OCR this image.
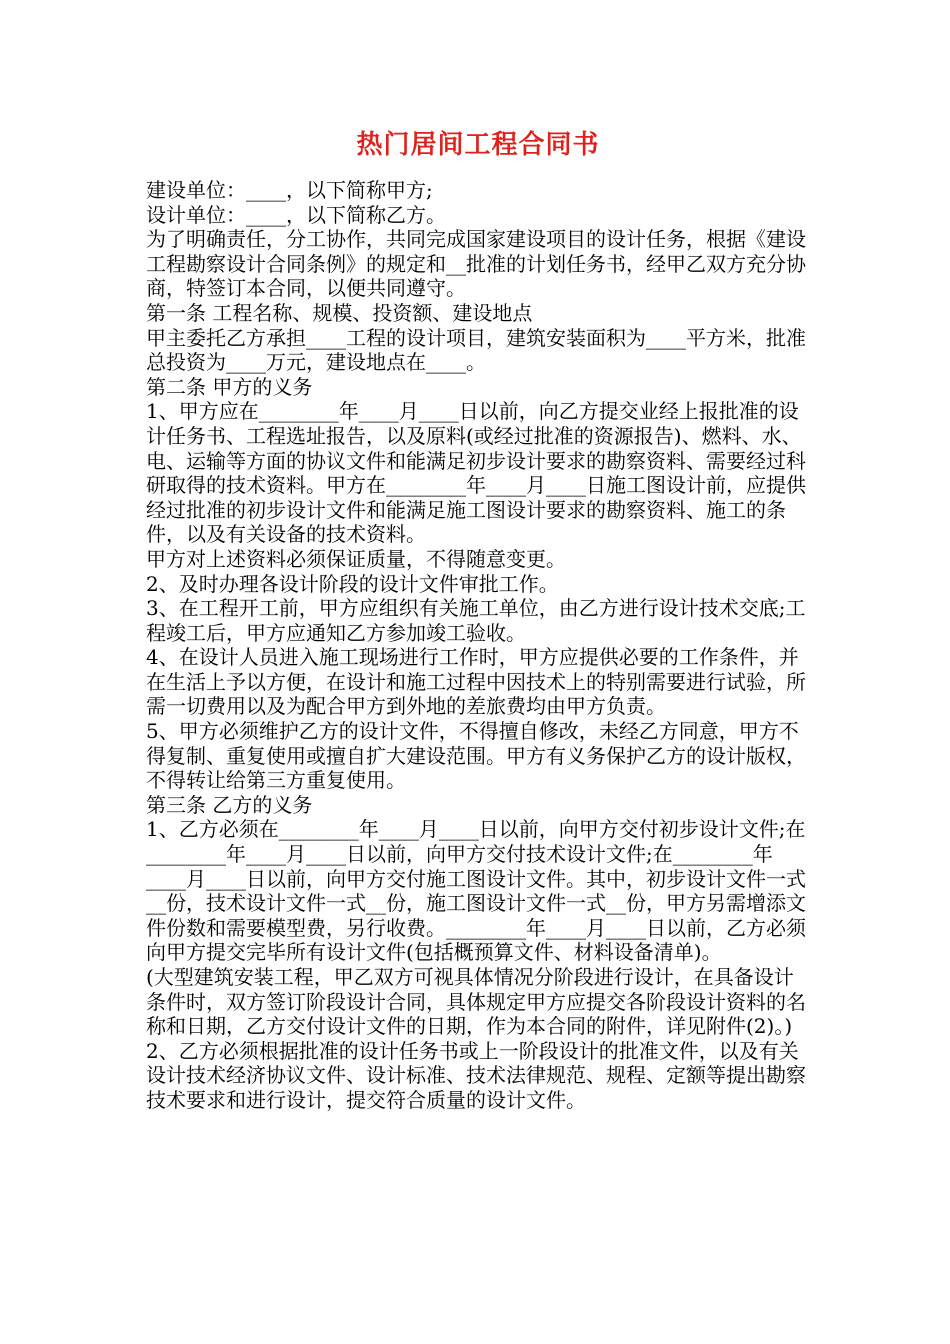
热门居间工程合同书

建设单位：____，以下简称甲方;

设计单位：____，以下简称乙方。

为了明确责任，分工协作，共同完成国家建设项目的设计任务，根据《建设工程勘察设计合同条例》的规定和__批准的计划任务书，经甲乙双方充分协商，特签订本合同，以便共同遵守。

第一条 工程名称、规模、投资额、建设地点

甲主委托乙方承担____工程的设计项目，建筑安装面积为____平方米，批准总投资为____万元，建设地点在____。

第二条 甲方的义务

1、甲方应在________年____月____日以前，向乙方提交业经上报批准的设计任务书、工程选址报告，以及原料(或经过批准的资源报告)、燃料、水、电、运输等方面的协议文件和能满足初步设计要求的勘察资料、需要经过科研取得的技术资料。甲方在________年____月____日施工图设计前，应提供经过批准的初步设计文件和能满足施工图设计要求的勘察资料、施工的条件，以及有关设备的技术资料。

甲方对上述资料必须保证质量，不得随意变更。

2、及时办理各设计阶段的设计文件审批工作。

3、在工程开工前，甲方应组织有关施工单位，由乙方进行设计技术交底;工程竣工后，甲方应通知乙方参加竣工验收。

4、在设计人员进入施工现场进行工作时，甲方应提供必要的工作条件，并在生活上予以方便，在设计和施工过程中因技术上的特别需要进行试验，所需一切费用以及为配合甲方到外地的差旅费均由甲方负责。

5、甲方必须维护乙方的设计文件，不得擅自修改，未经乙方同意，甲方不得复制、重复使用或擅自扩大建设范围。甲方有义务保护乙方的设计版权，不得转让给第三方重复使用。

第三条 乙方的义务

1、乙方必须在________年____月____日以前，向甲方交付初步设计文件;在________年____月____日以前，向甲方交付技术设计文件;在________年____月____日以前，向甲方交付施工图设计文件。其中，初步设计文件一式__份，技术设计文件一式__份，施工图设计文件一式__份，甲方另需增添文件份数和需要模型费，另行收费。________年____月____日以前，乙方必须向甲方提交完毕所有设计文件(包括概预算文件、材料设备清单)。

(大型建筑安装工程，甲乙双方可视具体情况分阶段进行设计，在具备设计条件时，双方签订阶段设计合同，具体规定甲方应提交各阶段设计资料的名称和日期，乙方交付设计文件的日期，作为本合同的附件，详见附件(2)。)

2、乙方必须根据批准的设计任务书或上一阶段设计的批准文件，以及有关设计技术经济协议文件、设计标准、技术法律规范、规程、定额等提出勘察技术要求和进行设计，提交符合质量的设计文件。
